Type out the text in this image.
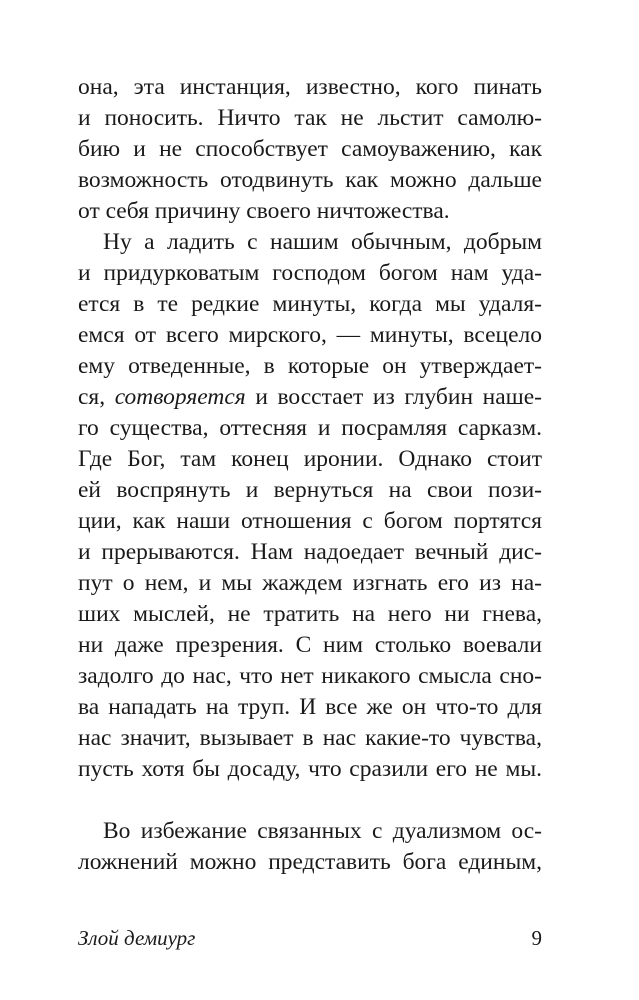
она, эта инстанция, известно, кого пинать
и поносить. Ничто так не льстит самолю-
бию и не способствует самоуважению, как
возможность отодвинуть как можно дальше
от себя причину своего ничтожества.
Ну а ладить с нашим обычным, добрым
и придурковатым господом богом нам уда-
ется в те редкие минуты, когда мы удаля-
емся от всего мирского, — минуты, всецело
ему отведенные, в которые он утверждает-
ся, сотворяется и восстает из глубин наше-
го существа, оттесняя и посрамляя сарказм.
Где Бог, там конец иронии. Однако стоит
ей воспрянуть и вернуться на свои пози-
ции, как наши отношения с богом портятся
и прерываются. Нам надоедает вечный дис-
пут о нем, и мы жаждем изгнать его из на-
ших мыслей, не тратить на него ни гнева,
ни даже презрения. С ним столько воевали
задолго до нас, что нет никакого смысла сно-
ва нападать на труп. И все же он что-то для
нас значит, вызывает в нас какие-то чувства,
пусть хотя бы досаду, что сразили его не мы.
Во избежание связанных с дуализмом ос-
ложнений можно представить бога единым,
Злой демиург	9
